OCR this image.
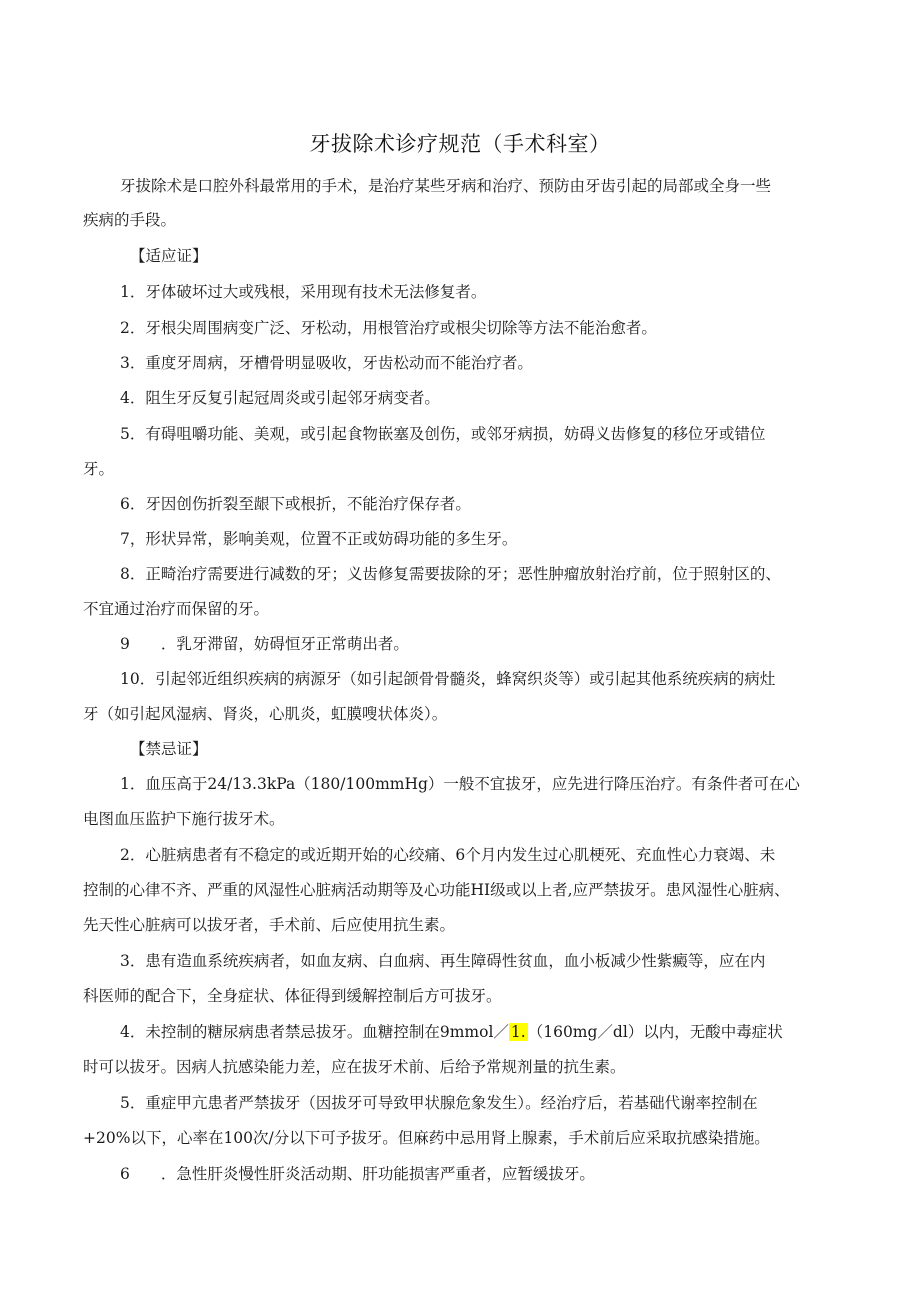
牙拔除术诊疗规范（手术科室）
牙拔除术是口腔外科最常用的手术，是治疗某些牙病和治疗、预防由牙齿引起的局部或全身一些
疾病的手段。
【适应证】
1．牙体破坏过大或残根，采用现有技术无法修复者。
2．牙根尖周围病变广泛、牙松动，用根管治疗或根尖切除等方法不能治愈者。
3．重度牙周病，牙槽骨明显吸收，牙齿松动而不能治疗者。
4．阻生牙反复引起冠周炎或引起邻牙病变者。
5．有碍咀嚼功能、美观，或引起食物嵌塞及创伤，或邻牙病损，妨碍义齿修复的移位牙或错位
牙。
6．牙因创伤折裂至龈下或根折，不能治疗保存者。
7，形状异常，影响美观，位置不正或妨碍功能的多生牙。
8．正畸治疗需要进行减数的牙；义齿修复需要拔除的牙；恶性肿瘤放射治疗前，位于照射区的、
不宜通过治疗而保留的牙。
9　　．乳牙滞留，妨碍恒牙正常萌出者。
10．引起邻近组织疾病的病源牙（如引起颌骨骨髓炎，蜂窝织炎等）或引起其他系统疾病的病灶
牙（如引起风湿病、肾炎，心肌炎，虹膜嗖状体炎）。
【禁忌证】
1．血压高于24/13.3kPa（180/100mmHg）一般不宜拔牙，应先进行降压治疗。有条件者可在心
电图血压监护下施行拔牙术。
2．心脏病患者有不稳定的或近期开始的心绞痛、6个月内发生过心肌梗死、充血性心力衰竭、未
控制的心律不齐、严重的风湿性心脏病活动期等及心功能HI级或以上者,应严禁拔牙。患风湿性心脏病、
先天性心脏病可以拔牙者，手术前、后应使用抗生素。
3．患有造血系统疾病者，如血友病、白血病、再生障碍性贫血，血小板减少性紫癜等，应在内
科医师的配合下，全身症状、体征得到缓解控制后方可拔牙。
4．未控制的糖尿病患者禁忌拔牙。血糖控制在9mmol／ 1. （160mg／dl）以内，无酸中毒症状
时可以拔牙。因病人抗感染能力差，应在拔牙术前、后给予常规剂量的抗生素。
5．重症甲亢患者严禁拔牙（因拔牙可导致甲状腺危象发生）。经治疗后，若基础代谢率控制在
+20%以下，心率在100次/分以下可予拔牙。但麻药中忌用肾上腺素，手术前后应采取抗感染措施。
6　　．急性肝炎慢性肝炎活动期、肝功能损害严重者，应暂缓拔牙。
